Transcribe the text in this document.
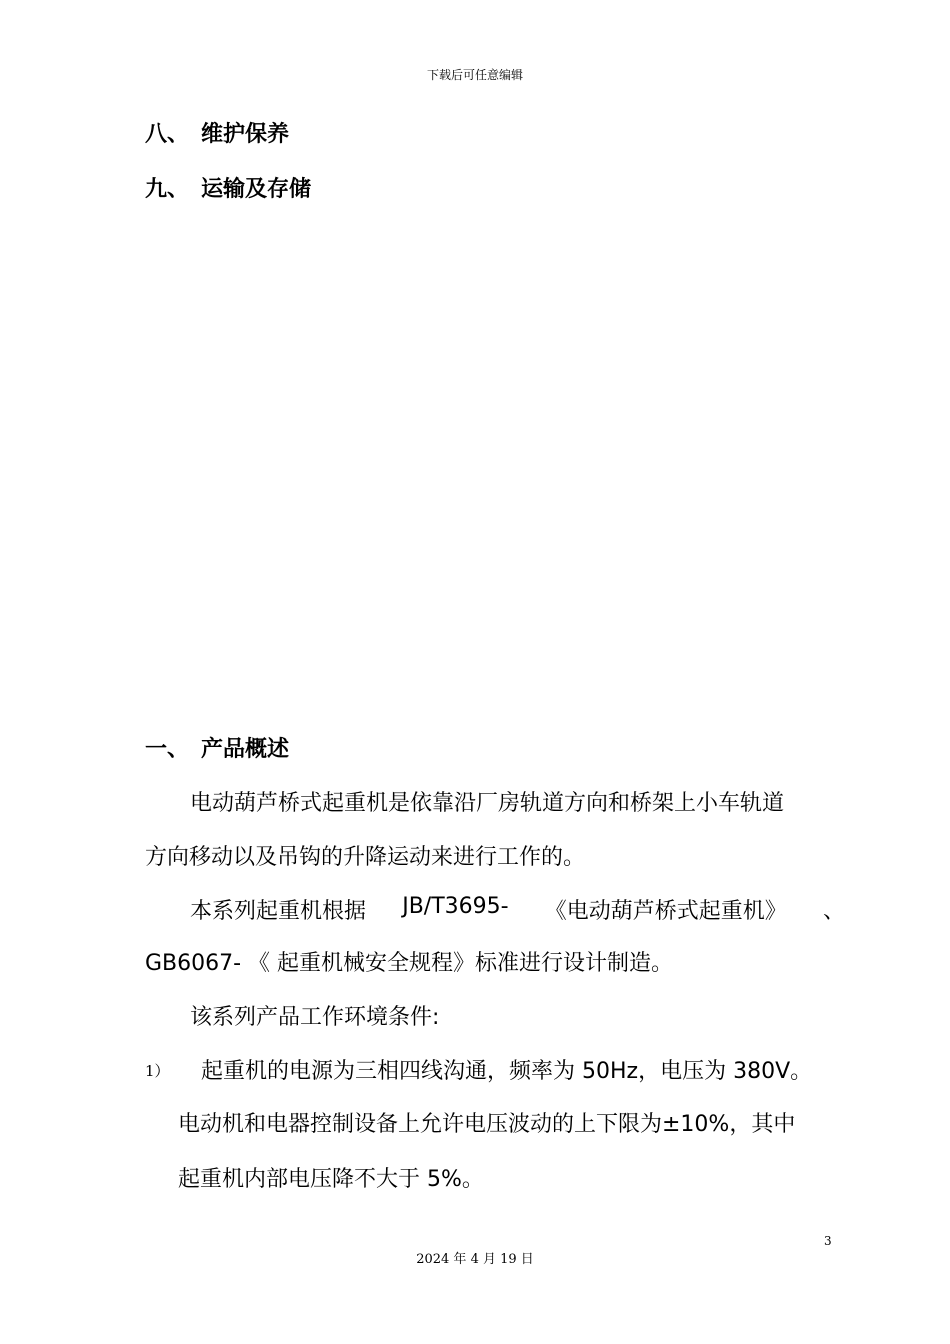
下载后可任意编辑
八、 维护保养
九、 运输及存储
一、 产品概述
电动葫芦桥式起重机是依靠沿厂房轨道方向和桥架上小车轨道
方向移动以及吊钩的升降运动来进行工作的。
本系列起重机根据 JB/T3695- 《电动葫芦桥式起重机》 、
GB6067- 《 起重机械安全规程》标准进行设计制造。
该系列产品工作环境条件:
1） 起重机的电源为三相四线沟通，频率为 50Hz，电压为 380V。
电动机和电器控制设备上允许电压波动的上下限为±10%，其中
起重机内部电压降不大于 5%。
3
2024 年 4 月 19 日
